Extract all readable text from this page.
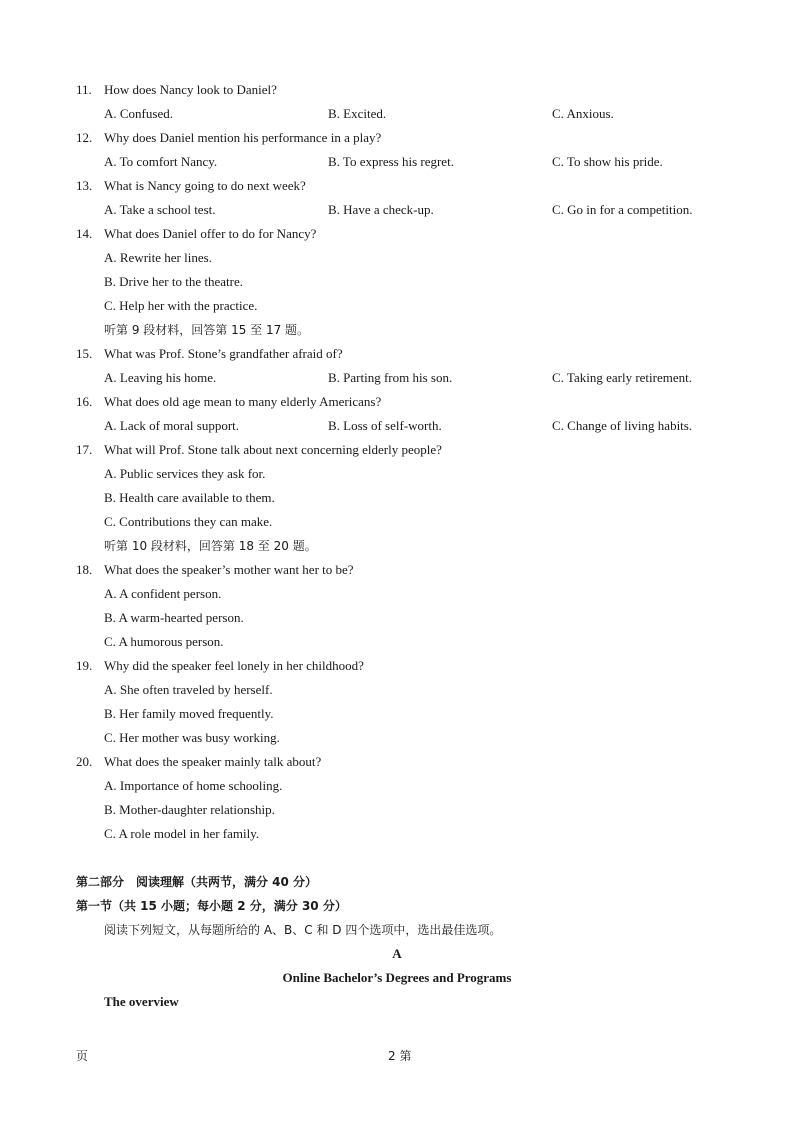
11. How does Nancy look to Daniel?
A. Confused.	B. Excited.	C. Anxious.
12. Why does Daniel mention his performance in a play?
A. To comfort Nancy.	B. To express his regret.	C. To show his pride.
13. What is Nancy going to do next week?
A. Take a school test.	B. Have a check-up.	C. Go in for a competition.
14. What does Daniel offer to do for Nancy?
A. Rewrite her lines.
B. Drive her to the theatre.
C. Help her with the practice.
听第 9 段材料，回答第 15 至 17 题。
15. What was Prof. Stone’s grandfather afraid of?
A. Leaving his home.	B. Parting from his son.	C. Taking early retirement.
16. What does old age mean to many elderly Americans?
A. Lack of moral support.	B. Loss of self-worth.	C. Change of living habits.
17. What will Prof. Stone talk about next concerning elderly people?
A. Public services they ask for.
B. Health care available to them.
C. Contributions they can make.
听第 10 段材料，回答第 18 至 20 题。
18. What does the speaker’s mother want her to be?
A. A confident person.
B. A warm-hearted person.
C. A humorous person.
19. Why did the speaker feel lonely in her childhood?
A. She often traveled by herself.
B. Her family moved frequently.
C. Her mother was busy working.
20. What does the speaker mainly talk about?
A. Importance of home schooling.
B. Mother-daughter relationship.
C. A role model in her family.
第二部分　阅读理解（共两节，满分 40 分）
第一节（共 15 小题；每小题 2 分，满分 30 分）
阅读下列短文，从每题所给的 A、B、C 和 D 四个选项中，选出最佳选项。
A
Online Bachelor’s Degrees and Programs
The overview
页	2 第
